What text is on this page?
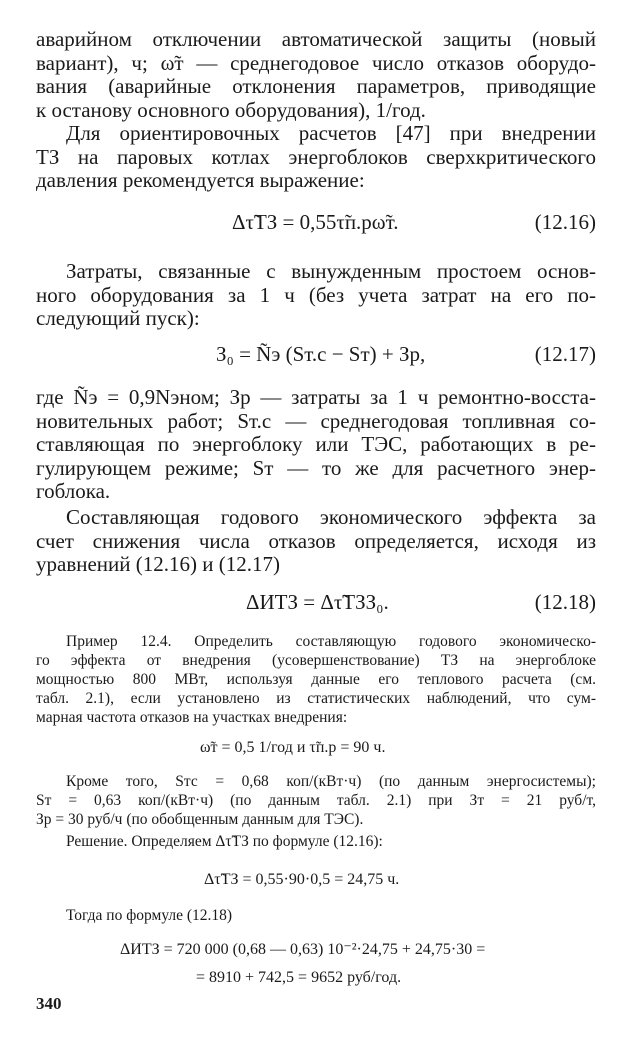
аварийном отключении автоматической защиты (новый
вариант), ч; ω̃т — среднегодовое число отказов оборудо-
вания (аварийные отклонения параметров, приводящие
к останову основного оборудования), 1/год.
Для ориентировочных расчетов [47] при внедрении
ТЗ на паровых котлах энергоблоков сверхкритического
давления рекомендуется выражение:
Δτ̃ТЗ = 0,55τ̃п.рω̃т.	(12.16)
Затраты, связанные с вынужденным простоем основ-
ного оборудования за 1 ч (без учета затрат на его по-
следующий пуск):
З₀ = Ñэ (Sт.с − Sт) + Зр,	(12.17)
где Ñэ = 0,9Nэном; Зр — затраты за 1 ч ремонтно-восста-
новительных работ; Sт.с — среднегодовая топливная со-
ставляющая по энергоблоку или ТЭС, работающих в ре-
гулирующем режиме; Sт — то же для расчетного энер-
гоблока.
Составляющая годового экономического эффекта за
счет снижения числа отказов определяется, исходя из
уравнений (12.16) и (12.17)
ΔИТЗ = Δτ̃ТЗЗ₀.	(12.18)
Пример 12.4. Определить составляющую годового экономическо-
го эффекта от внедрения (усовершенствование) ТЗ на энергоблоке
мощностью 800 МВт, используя данные его теплового расчета (см.
табл. 2.1), если установлено из статистических наблюдений, что сум-
марная частота отказов на участках внедрения:
ω̃т = 0,5 1/год и τ̃п.р = 90 ч.
Кроме того, Sтс = 0,68 коп/(кВт·ч) (по данным энергосистемы);
Sт = 0,63 коп/(кВт·ч) (по данным табл. 2.1) при Зт = 21 руб/т,
Зр = 30 руб/ч (по обобщенным данным для ТЭС).
Решение. Определяем Δτ̃ТЗ по формуле (12.16):
Δτ̃ТЗ = 0,55·90·0,5 = 24,75 ч.
Тогда по формуле (12.18)
ΔИТЗ = 720 000 (0,68 — 0,63) 10⁻²·24,75 + 24,75·30 =
= 8910 + 742,5 = 9652 руб/год.
340
